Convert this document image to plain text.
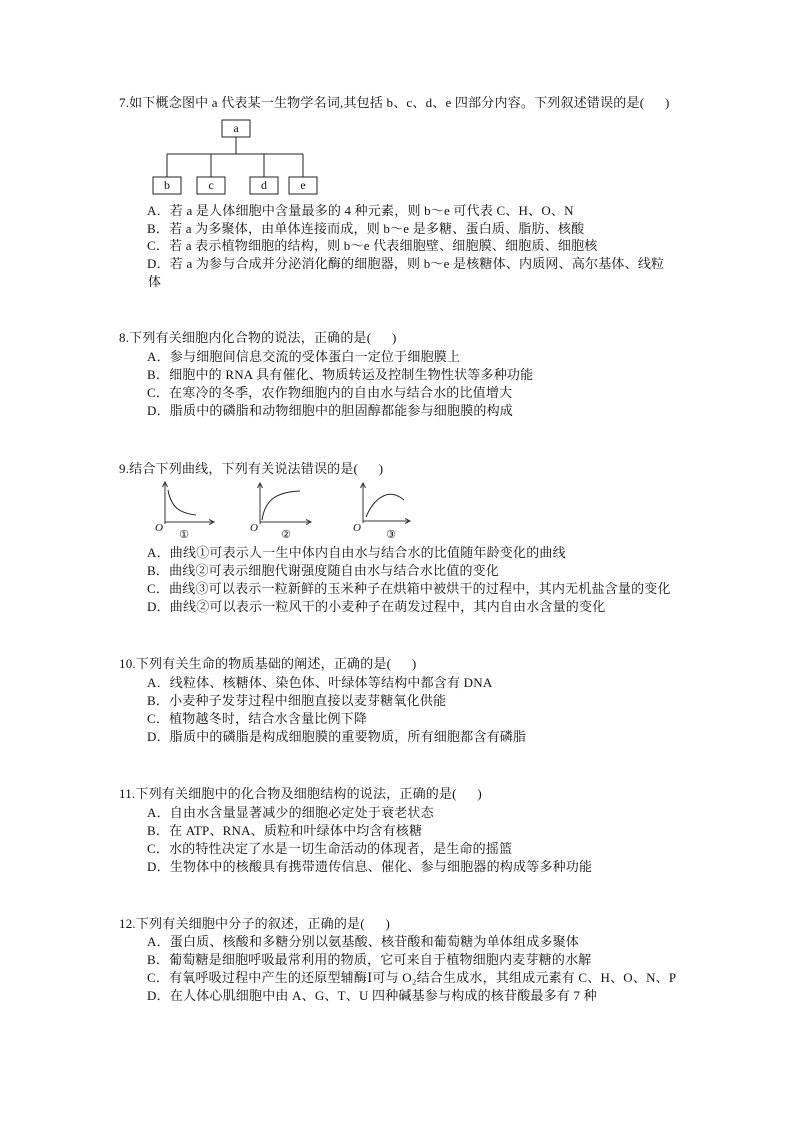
a
b	c	d	e
O
①
O
②
O
③
7.如下概念图中 a 代表某一生物学名词,其包括 b、c、d、e 四部分内容。下列叙述错误的是(      )
A．若 a 是人体细胞中含量最多的 4 种元素，则 b～e 可代表 C、H、O、N
B．若 a 为多聚体，由单体连接而成，则 b～e 是多糖、蛋白质、脂肪、核酸
C．若 a 表示植物细胞的结构，则 b～e 代表细胞壁、细胞膜、细胞质、细胞核
D．若 a 为参与合成并分泌消化酶的细胞器，则 b～e 是核糖体、内质网、高尔基体、线粒
体
8.下列有关细胞内化合物的说法，正确的是(      )
A．参与细胞间信息交流的受体蛋白一定位于细胞膜上
B．细胞中的 RNA 具有催化、物质转运及控制生物性状等多种功能
C．在寒冷的冬季，农作物细胞内的自由水与结合水的比值增大
D．脂质中的磷脂和动物细胞中的胆固醇都能参与细胞膜的构成
9.结合下列曲线，下列有关说法错误的是(      )
A．曲线①可表示人一生中体内自由水与结合水的比值随年龄变化的曲线
B．曲线②可表示细胞代谢强度随自由水与结合水比值的变化
C．曲线③可以表示一粒新鲜的玉米种子在烘箱中被烘干的过程中，其内无机盐含量的变化
D．曲线②可以表示一粒风干的小麦种子在萌发过程中，其内自由水含量的变化
10.下列有关生命的物质基础的阐述，正确的是(      )
A．线粒体、核糖体、染色体、叶绿体等结构中都含有 DNA
B．小麦种子发芽过程中细胞直接以麦芽糖氧化供能
C．植物越冬时，结合水含量比例下降
D．脂质中的磷脂是构成细胞膜的重要物质，所有细胞都含有磷脂
11.下列有关细胞中的化合物及细胞结构的说法，正确的是(      )
A．自由水含量显著减少的细胞必定处于衰老状态
B．在 ATP、RNA、质粒和叶绿体中均含有核糖
C．水的特性决定了水是一切生命活动的体现者，是生命的摇篮
D．生物体中的核酸具有携带遗传信息、催化、参与细胞器的构成等多种功能
12.下列有关细胞中分子的叙述，正确的是(      )
A．蛋白质、核酸和多糖分别以氨基酸、核苷酸和葡萄糖为单体组成多聚体
B．葡萄糖是细胞呼吸最常利用的物质，它可来自于植物细胞内麦芽糖的水解
C．有氧呼吸过程中产生的还原型辅酶Ⅰ可与 O₂结合生成水，其组成元素有 C、H、O、N、P
D．在人体心肌细胞中由 A、G、T、U 四种碱基参与构成的核苷酸最多有 7 种
